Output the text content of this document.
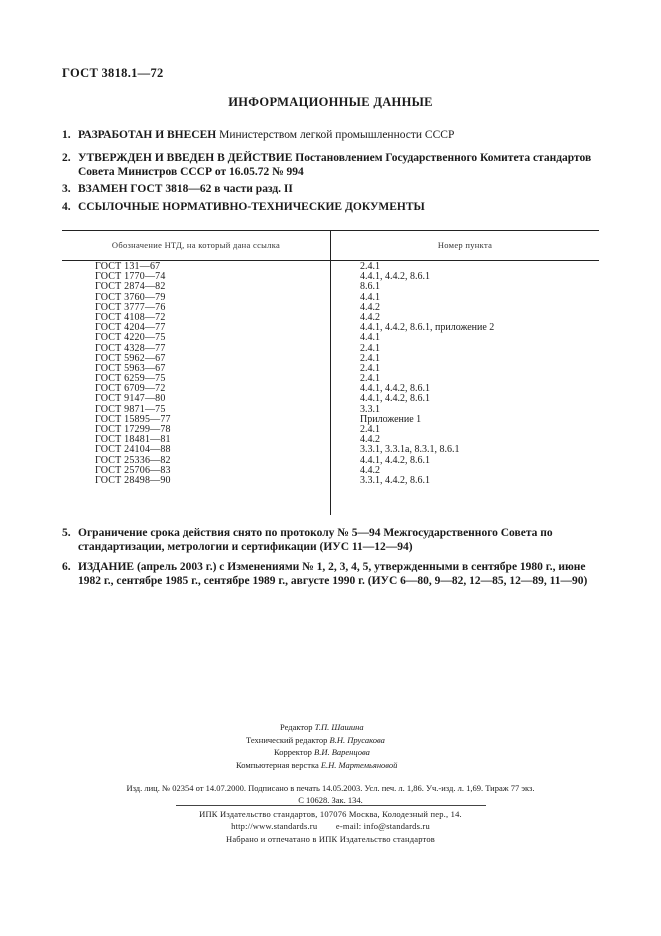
ГОСТ 3818.1—72
ИНФОРМАЦИОННЫЕ ДАННЫЕ
1. РАЗРАБОТАН И ВНЕСЕН Министерством легкой промышленности СССР
2. УТВЕРЖДЕН И ВВЕДЕН В ДЕЙСТВИЕ Постановлением Государственного Комитета стандартов Совета Министров СССР от 16.05.72 № 994
3. ВЗАМЕН ГОСТ 3818—62 в части разд. II
4. ССЫЛОЧНЫЕ НОРМАТИВНО-ТЕХНИЧЕСКИЕ ДОКУМЕНТЫ
Обозначение НТД, на который дана ссылка	Номер пункта
ГОСТ 131—67	2.4.1
ГОСТ 1770—74	4.4.1, 4.4.2, 8.6.1
ГОСТ 2874—82	8.6.1
ГОСТ 3760—79	4.4.1
ГОСТ 3777—76	4.4.2
ГОСТ 4108—72	4.4.2
ГОСТ 4204—77	4.4.1, 4.4.2, 8.6.1, приложение 2
ГОСТ 4220—75	4.4.1
ГОСТ 4328—77	2.4.1
ГОСТ 5962—67	2.4.1
ГОСТ 5963—67	2.4.1
ГОСТ 6259—75	2.4.1
ГОСТ 6709—72	4.4.1, 4.4.2, 8.6.1
ГОСТ 9147—80	4.4.1, 4.4.2, 8.6.1
ГОСТ 9871—75	3.3.1
ГОСТ 15895—77	Приложение 1
ГОСТ 17299—78	2.4.1
ГОСТ 18481—81	4.4.2
ГОСТ 24104—88	3.3.1, 3.3.1а, 8.3.1, 8.6.1
ГОСТ 25336—82	4.4.1, 4.4.2, 8.6.1
ГОСТ 25706—83	4.4.2
ГОСТ 28498—90	3.3.1, 4.4.2, 8.6.1
5. Ограничение срока действия снято по протоколу № 5—94 Межгосударственного Совета по стандартизации, метрологии и сертификации (ИУС 11—12—94)
6. ИЗДАНИЕ (апрель 2003 г.) с Изменениями № 1, 2, 3, 4, 5, утвержденными в сентябре 1980 г., июне 1982 г., сентябре 1985 г., сентябре 1989 г., августе 1990 г. (ИУС 6—80, 9—82, 12—85, 12—89, 11—90)
Редактор Т.П. Шашина
Технический редактор В.Н. Прусакова
Корректор В.И. Варенцова
Компьютерная верстка Е.Н. Мартемьяновой
Изд. лиц. № 02354 от 14.07.2000. Подписано в печать 14.05.2003. Усл. печ. л. 1,86. Уч.-изд. л. 1,69. Тираж 77 экз.
С 10628. Зак. 134.
ИПК Издательство стандартов, 107076 Москва, Колодезный пер., 14.
http://www.standards.ru        e-mail: info@standards.ru
Набрано и отпечатано в ИПК Издательство стандартов
